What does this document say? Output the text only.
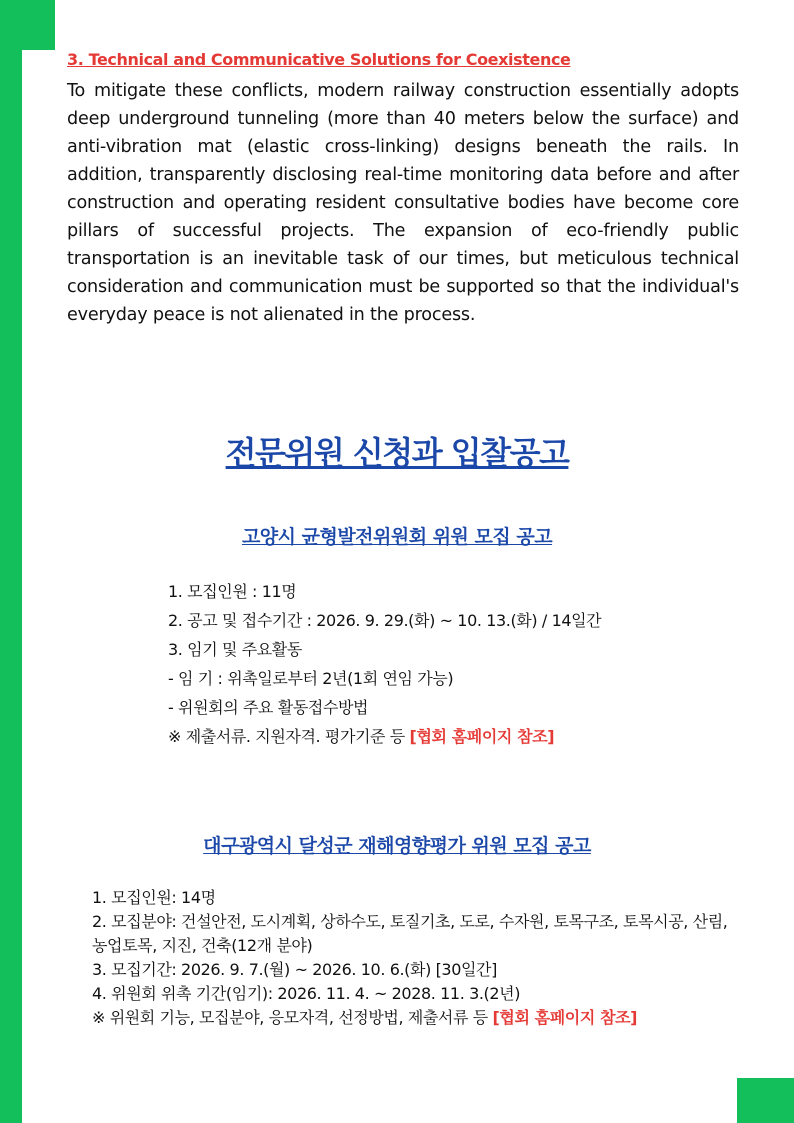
3. Technical and Communicative Solutions for Coexistence
To mitigate these conflicts, modern railway construction essentially adopts deep underground tunneling (more than 40 meters below the surface) and anti-vibration mat (elastic cross-linking) designs beneath the rails. In addition, transparently disclosing real-time monitoring data before and after construction and operating resident consultative bodies have become core pillars of successful projects. The expansion of eco-friendly public transportation is an inevitable task of our times, but meticulous technical consideration and communication must be supported so that the individual's everyday peace is not alienated in the process.
전문위원 신청과 입찰공고
고양시 균형발전위원회 위원 모집 공고
1. 모집인원 : 11명
2. 공고 및 접수기간 : 2026. 9. 29.(화) ~ 10. 13.(화) / 14일간
3. 임기 및 주요활동
- 임 기 : 위촉일로부터 2년(1회 연임 가능)
- 위원회의 주요 활동접수방법
※ 제출서류. 지원자격. 평가기준 등 [협회 홈페이지 참조]
대구광역시 달성군 재해영향평가 위원 모집 공고
1. 모집인원: 14명
2. 모집분야: 건설안전, 도시계획, 상하수도, 토질기초, 도로, 수자원, 토목구조, 토목시공, 산림, 농업토목, 지진, 건축(12개 분야)
3. 모집기간: 2026. 9. 7.(월) ~ 2026. 10. 6.(화) [30일간]
4. 위원회 위촉 기간(임기): 2026. 11. 4. ~ 2028. 11. 3.(2년)
※ 위원회 기능, 모집분야, 응모자격, 선정방법, 제출서류 등 [협회 홈페이지 참조]
